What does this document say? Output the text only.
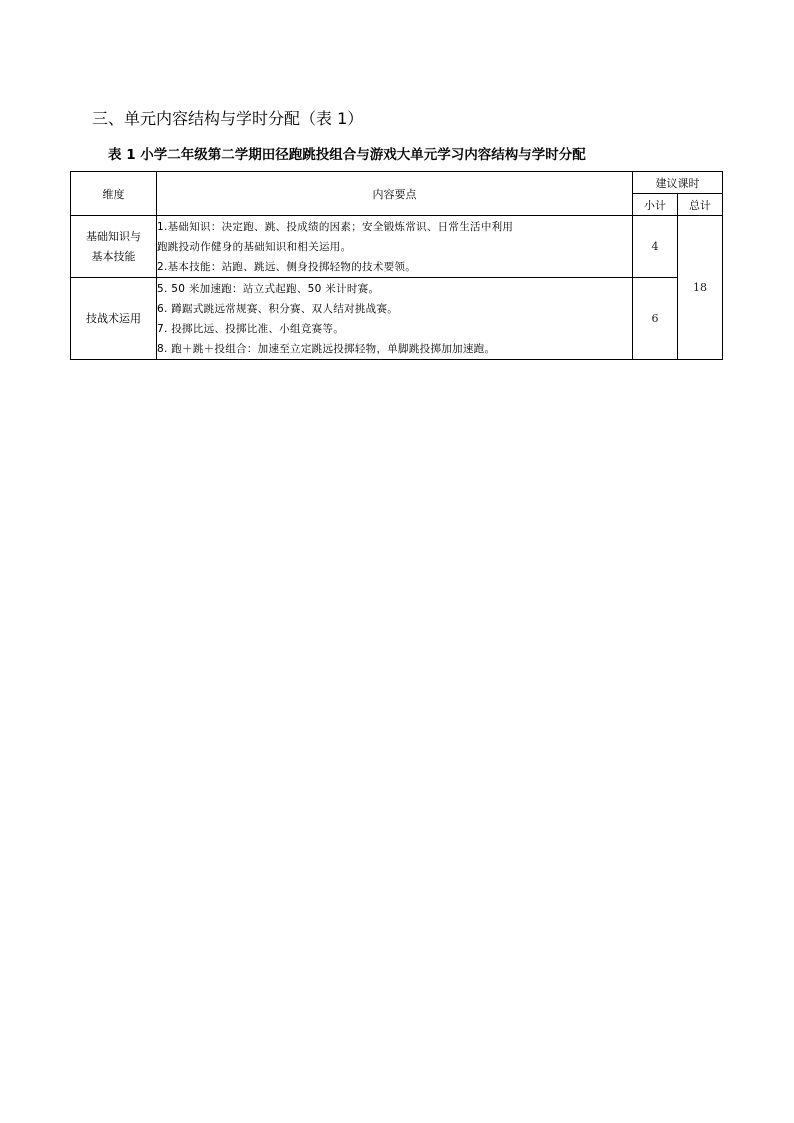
三、单元内容结构与学时分配（表 1）
表 1 小学二年级第二学期田径跑跳投组合与游戏大单元学习内容结构与学时分配
维度	内容要点	建议课时	
		小计	总计

基础知识与
基本技能	1.基础知识：决定跑、跳、投成绩的因素；安全锻炼常识、日常生活中利用
跑跳投动作健身的基础知识和相关运用。
2.基本技能：站跑、跳远、侧身投掷轻物的技术要领。	4	18

技战术运用	5. 50 米加速跑：站立式起跑、50 米计时赛。
6. 蹲踞式跳远常规赛、积分赛、双人结对挑战赛。
7. 投掷比远、投掷比准、小组竞赛等。
8. 跑＋跳＋投组合：加速至立定跳远投掷轻物，单脚跳投掷加加速跑。	6	
